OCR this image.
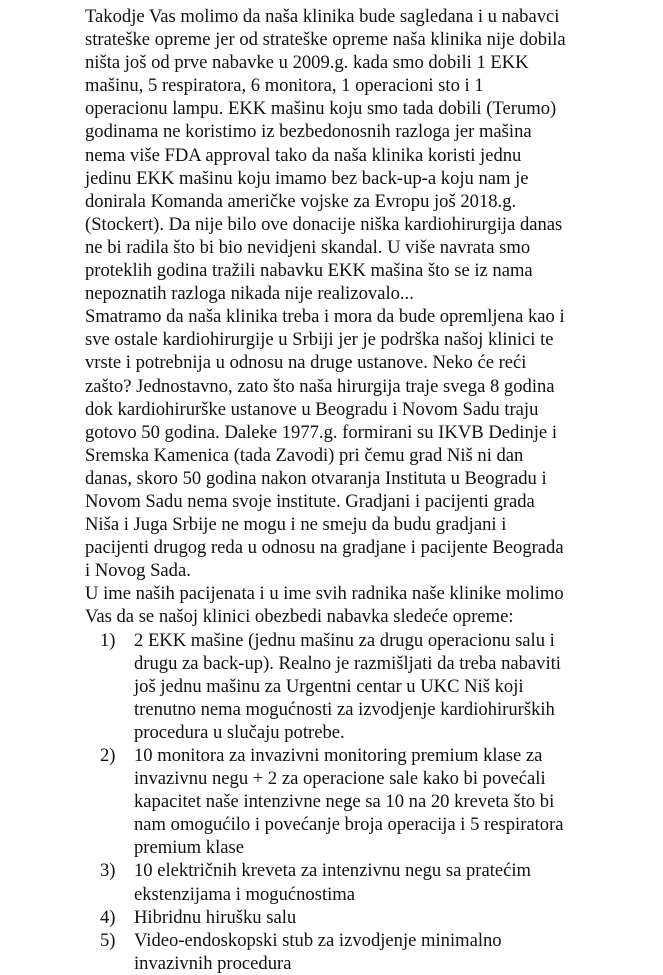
Takodje Vas molimo da naša klinika bude sagledana i u nabavci
strateške opreme jer od strateške opreme naša klinika nije dobila
ništa još od prve nabavke u 2009.g. kada smo dobili 1 EKK
mašinu, 5 respiratora, 6 monitora, 1 operacioni sto i 1
operacionu lampu. EKK mašinu koju smo tada dobili (Terumo)
godinama ne koristimo iz bezbedonosnih razloga jer mašina
nema više FDA approval tako da naša klinika koristi jednu
jedinu EKK mašinu koju imamo bez back-up-a koju nam je
donirala Komanda američke vojske za Evropu još 2018.g.
(Stockert). Da nije bilo ove donacije niška kardiohirurgija danas
ne bi radila što bi bio nevidjeni skandal. U više navrata smo
proteklih godina tražili nabavku EKK mašina što se iz nama
nepoznatih razloga nikada nije realizovalo...
Smatramo da naša klinika treba i mora da bude opremljena kao i
sve ostale kardiohirurgije u Srbiji jer je podrška našoj klinici te
vrste i potrebnija u odnosu na druge ustanove. Neko će reći
zašto? Jednostavno, zato što naša hirurgija traje svega 8 godina
dok kardiohirurške ustanove u Beogradu i Novom Sadu traju
gotovo 50 godina. Daleke 1977.g. formirani su IKVB Dedinje i
Sremska Kamenica (tada Zavodi) pri čemu grad Niš ni dan
danas, skoro 50 godina nakon otvaranja Instituta u Beogradu i
Novom Sadu nema svoje institute. Gradjani i pacijenti grada
Niša i Juga Srbije ne mogu i ne smeju da budu gradjani i
pacijenti drugog reda u odnosu na gradjane i pacijente Beograda
i Novog Sada.
U ime naših pacijenata i u ime svih radnika naše klinike molimo
Vas da se našoj klinici obezbedi nabavka sledeće opreme:
1) 2 EKK mašine (jednu mašinu za drugu operacionu salu i
drugu za back-up). Realno je razmišljati da treba nabaviti
još jednu mašinu za Urgentni centar u UKC Niš koji
trenutno nema mogućnosti za izvodjenje kardiohirurških
procedura u slučaju potrebe.
2) 10 monitora za invazivni monitoring premium klase za
invazivnu negu + 2 za operacione sale kako bi povećali
kapacitet naše intenzivne nege sa 10 na 20 kreveta što bi
nam omogućilo i povećanje broja operacija i 5 respiratora
premium klase
3) 10 električnih kreveta za intenzivnu negu sa pratećim
ekstenzijama i mogućnostima
4) Hibridnu hirušku salu
5) Video-endoskopski stub za izvodjenje minimalno
invazivnih procedura
